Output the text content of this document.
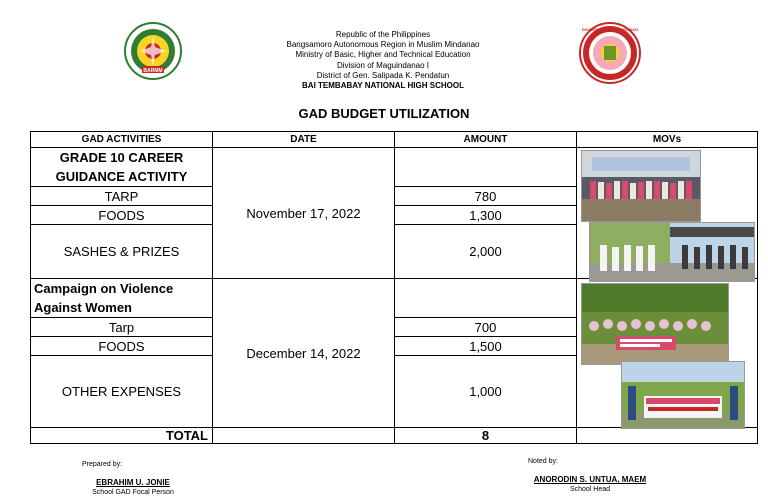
BARMM
DIVISION OF MAGUINDANAO
Republic of the Philippines
Bangsamoro Autonomous Region in Muslim Mindanao
Ministry of Basic, Higher and Technical Education
Division of Maguindanao I
District of Gen. Salipada K. Pendatun
BAI TEMBABAY NATIONAL HIGH SCHOOL
GAD BUDGET UTILIZATION
GAD ACTIVITIES	DATE	AMOUNT	MOVs
GRADE 10 CAREER GUIDANCE ACTIVITY	November 17, 2022		

TARP		780	
FOODS		1,300	
SASHES & PRIZES		2,000	
Campaign on Violence Against Women	December 14, 2022		

Tarp		700	
FOODS		1,500	
OTHER EXPENSES		1,000	
TOTAL		8	
Prepared by:
EBRAHIM U. JONIE
School GAD Focal Person
Noted by:
ANORODIN S. UNTUA, MAEM
School Head
